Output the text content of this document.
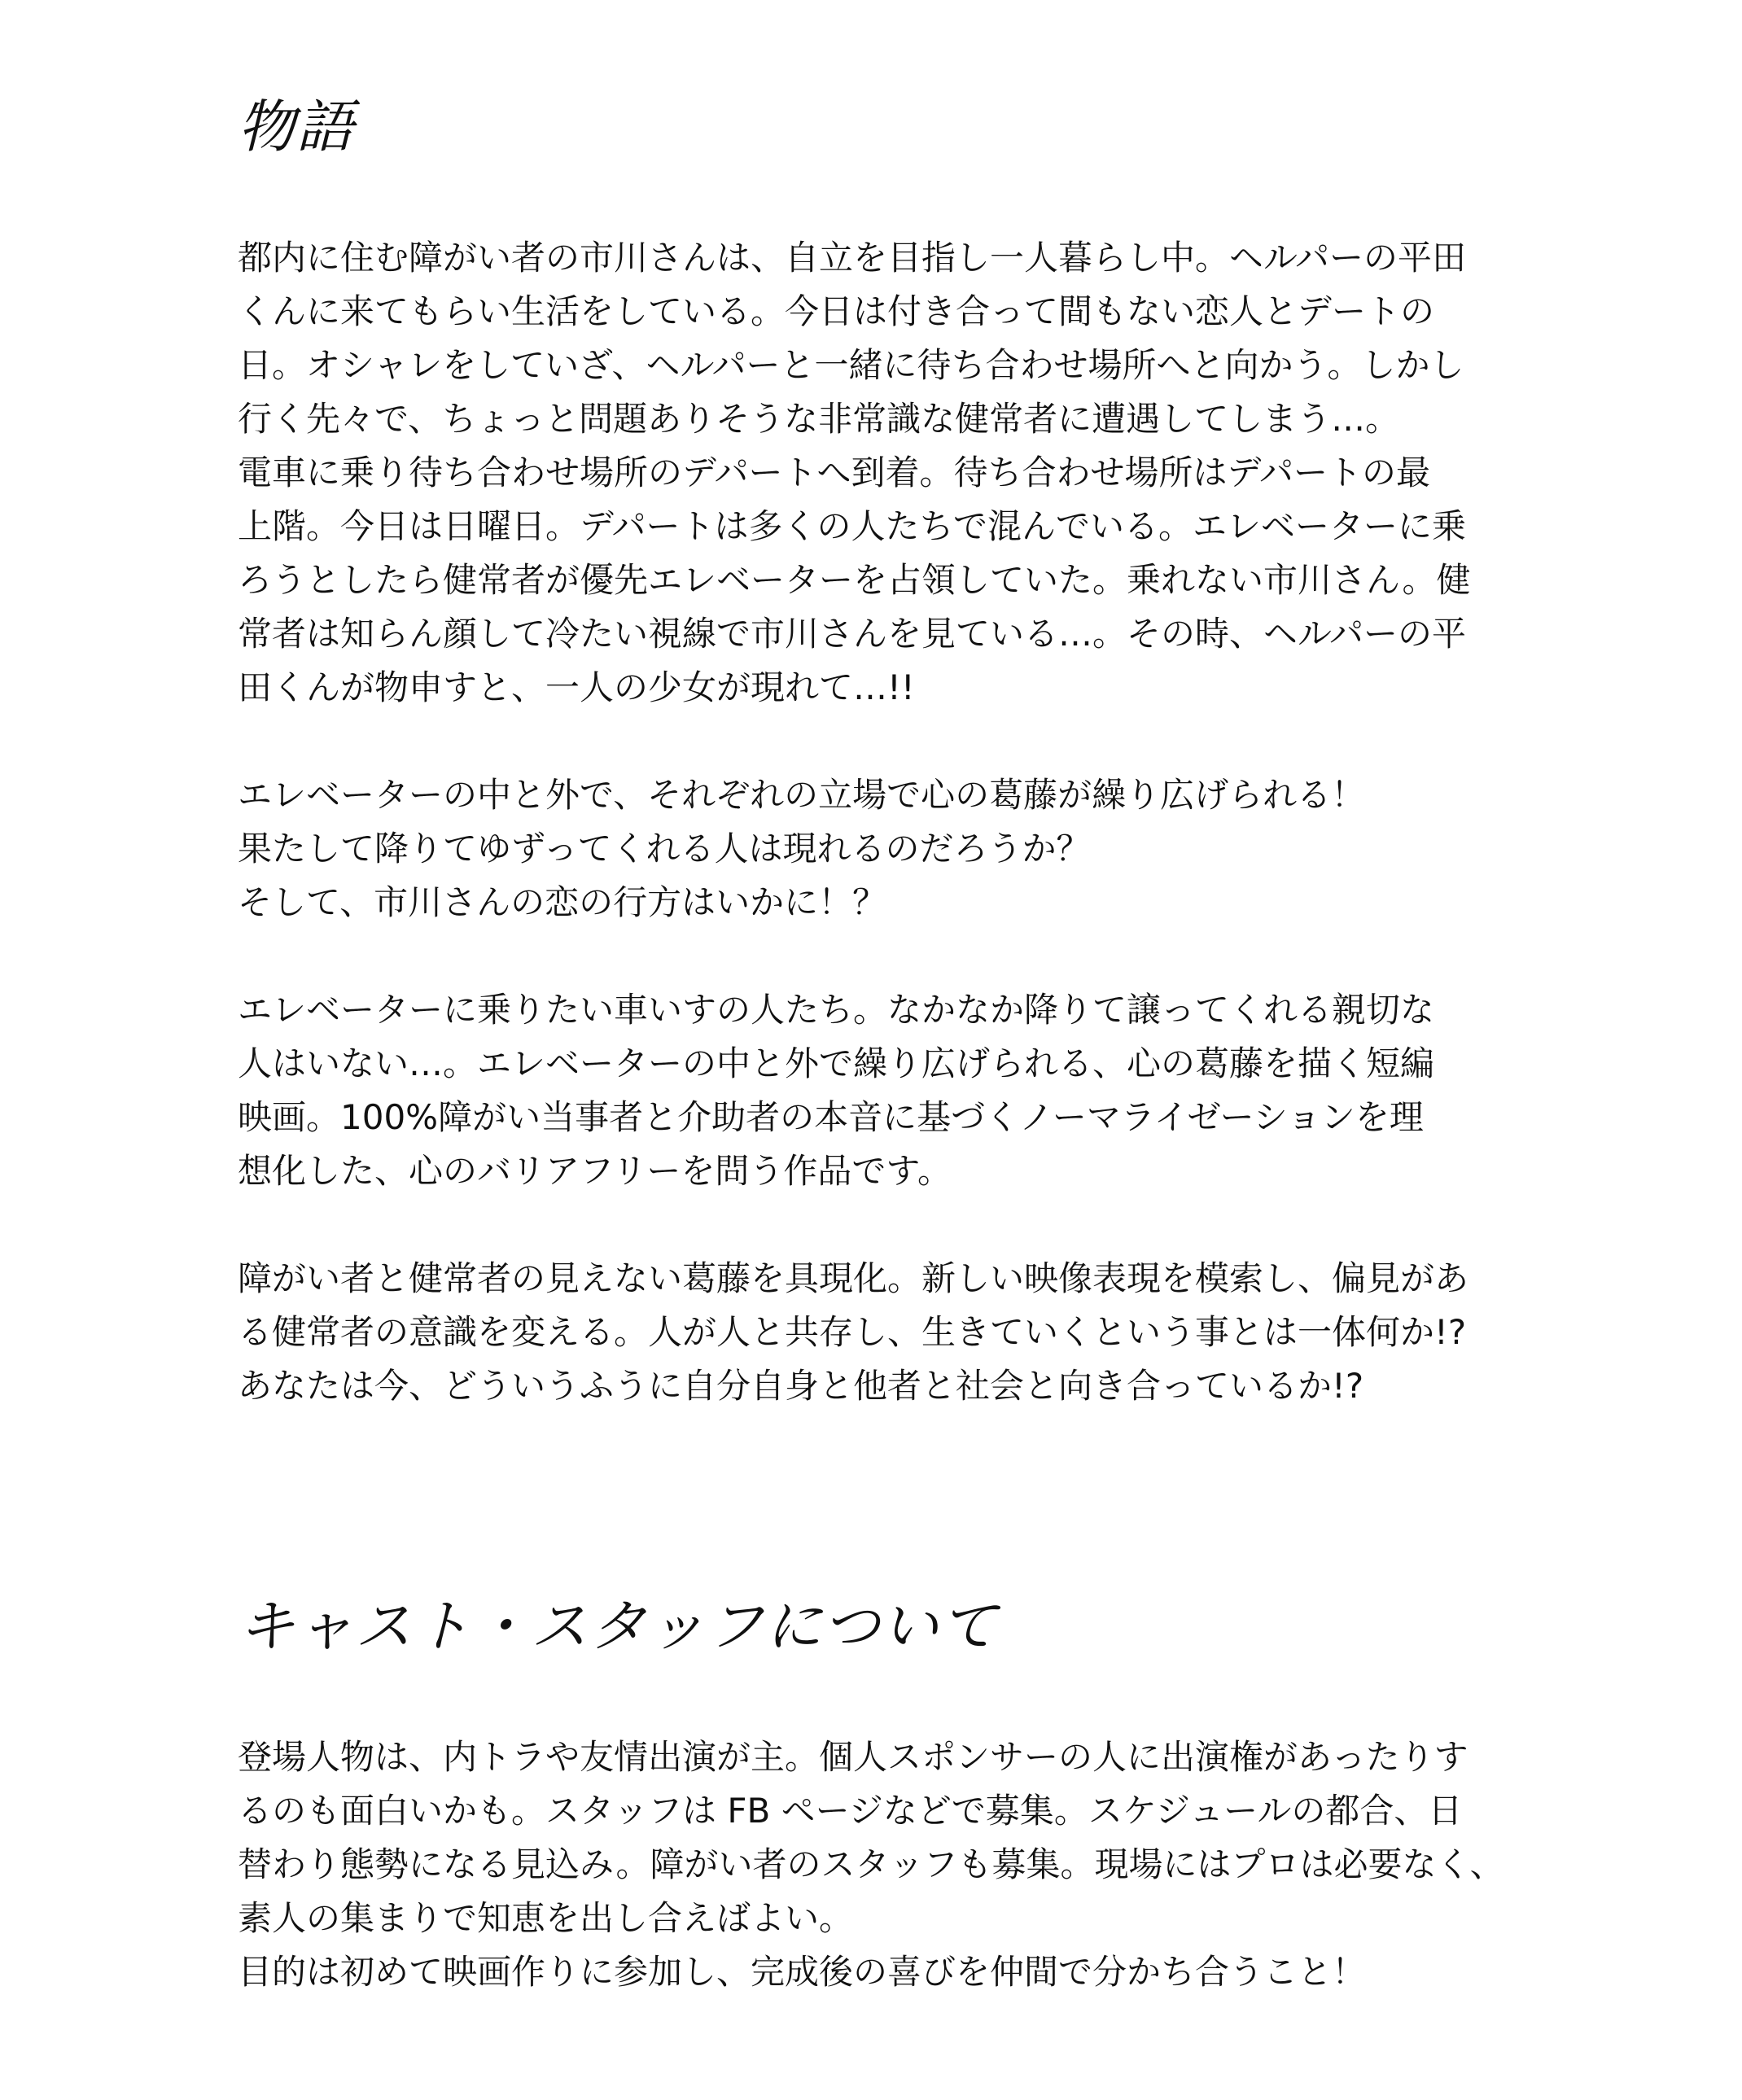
物語

都内に住む障がい者の市川さんは、自立を目指し一人暮らし中。ヘルパーの平田
くんに来てもらい生活をしている。今日は付き合って間もない恋人とデートの
日。オシャレをしていざ、ヘルパーと一緒に待ち合わせ場所へと向かう。しかし
行く先々で、ちょっと問題ありそうな非常識な健常者に遭遇してしまう…。
電車に乗り待ち合わせ場所のデパートへ到着。待ち合わせ場所はデパートの最
上階。今日は日曜日。デパートは多くの人たちで混んでいる。エレベーターに乗
ろうとしたら健常者が優先エレベーターを占領していた。乗れない市川さん。健
常者は知らん顔して冷たい視線で市川さんを見ている…。その時、ヘルパーの平
田くんが物申すと、一人の少女が現れて…!!

エレベーターの中と外で、それぞれの立場で心の葛藤が繰り広げられる！
果たして降りてゆずってくれる人は現れるのだろうか？
そして、市川さんの恋の行方はいかに！？

エレベーターに乗りたい車いすの人たち。なかなか降りて譲ってくれる親切な
人はいない…。エレベーターの中と外で繰り広げられる、心の葛藤を描く短編
映画。100%障がい当事者と介助者の本音に基づくノーマライゼーションを理
想化した、心のバリアフリーを問う作品です。

障がい者と健常者の見えない葛藤を具現化。新しい映像表現を模索し、偏見があ
る健常者の意識を変える。人が人と共存し、生きていくという事とは一体何か!?
あなたは今、どういうふうに自分自身と他者と社会と向き合っているか!?

キャスト・スタッフについて

登場人物は、内トラや友情出演が主。個人スポンサーの人に出演権があったりす
るのも面白いかも。スタッフは FB ページなどで募集。スケジュールの都合、日
替わり態勢になる見込み。障がい者のスタッフも募集。現場にはプロは必要なく、
素人の集まりで知恵を出し合えばよい。
目的は初めて映画作りに参加し、完成後の喜びを仲間で分かち合うこと！
